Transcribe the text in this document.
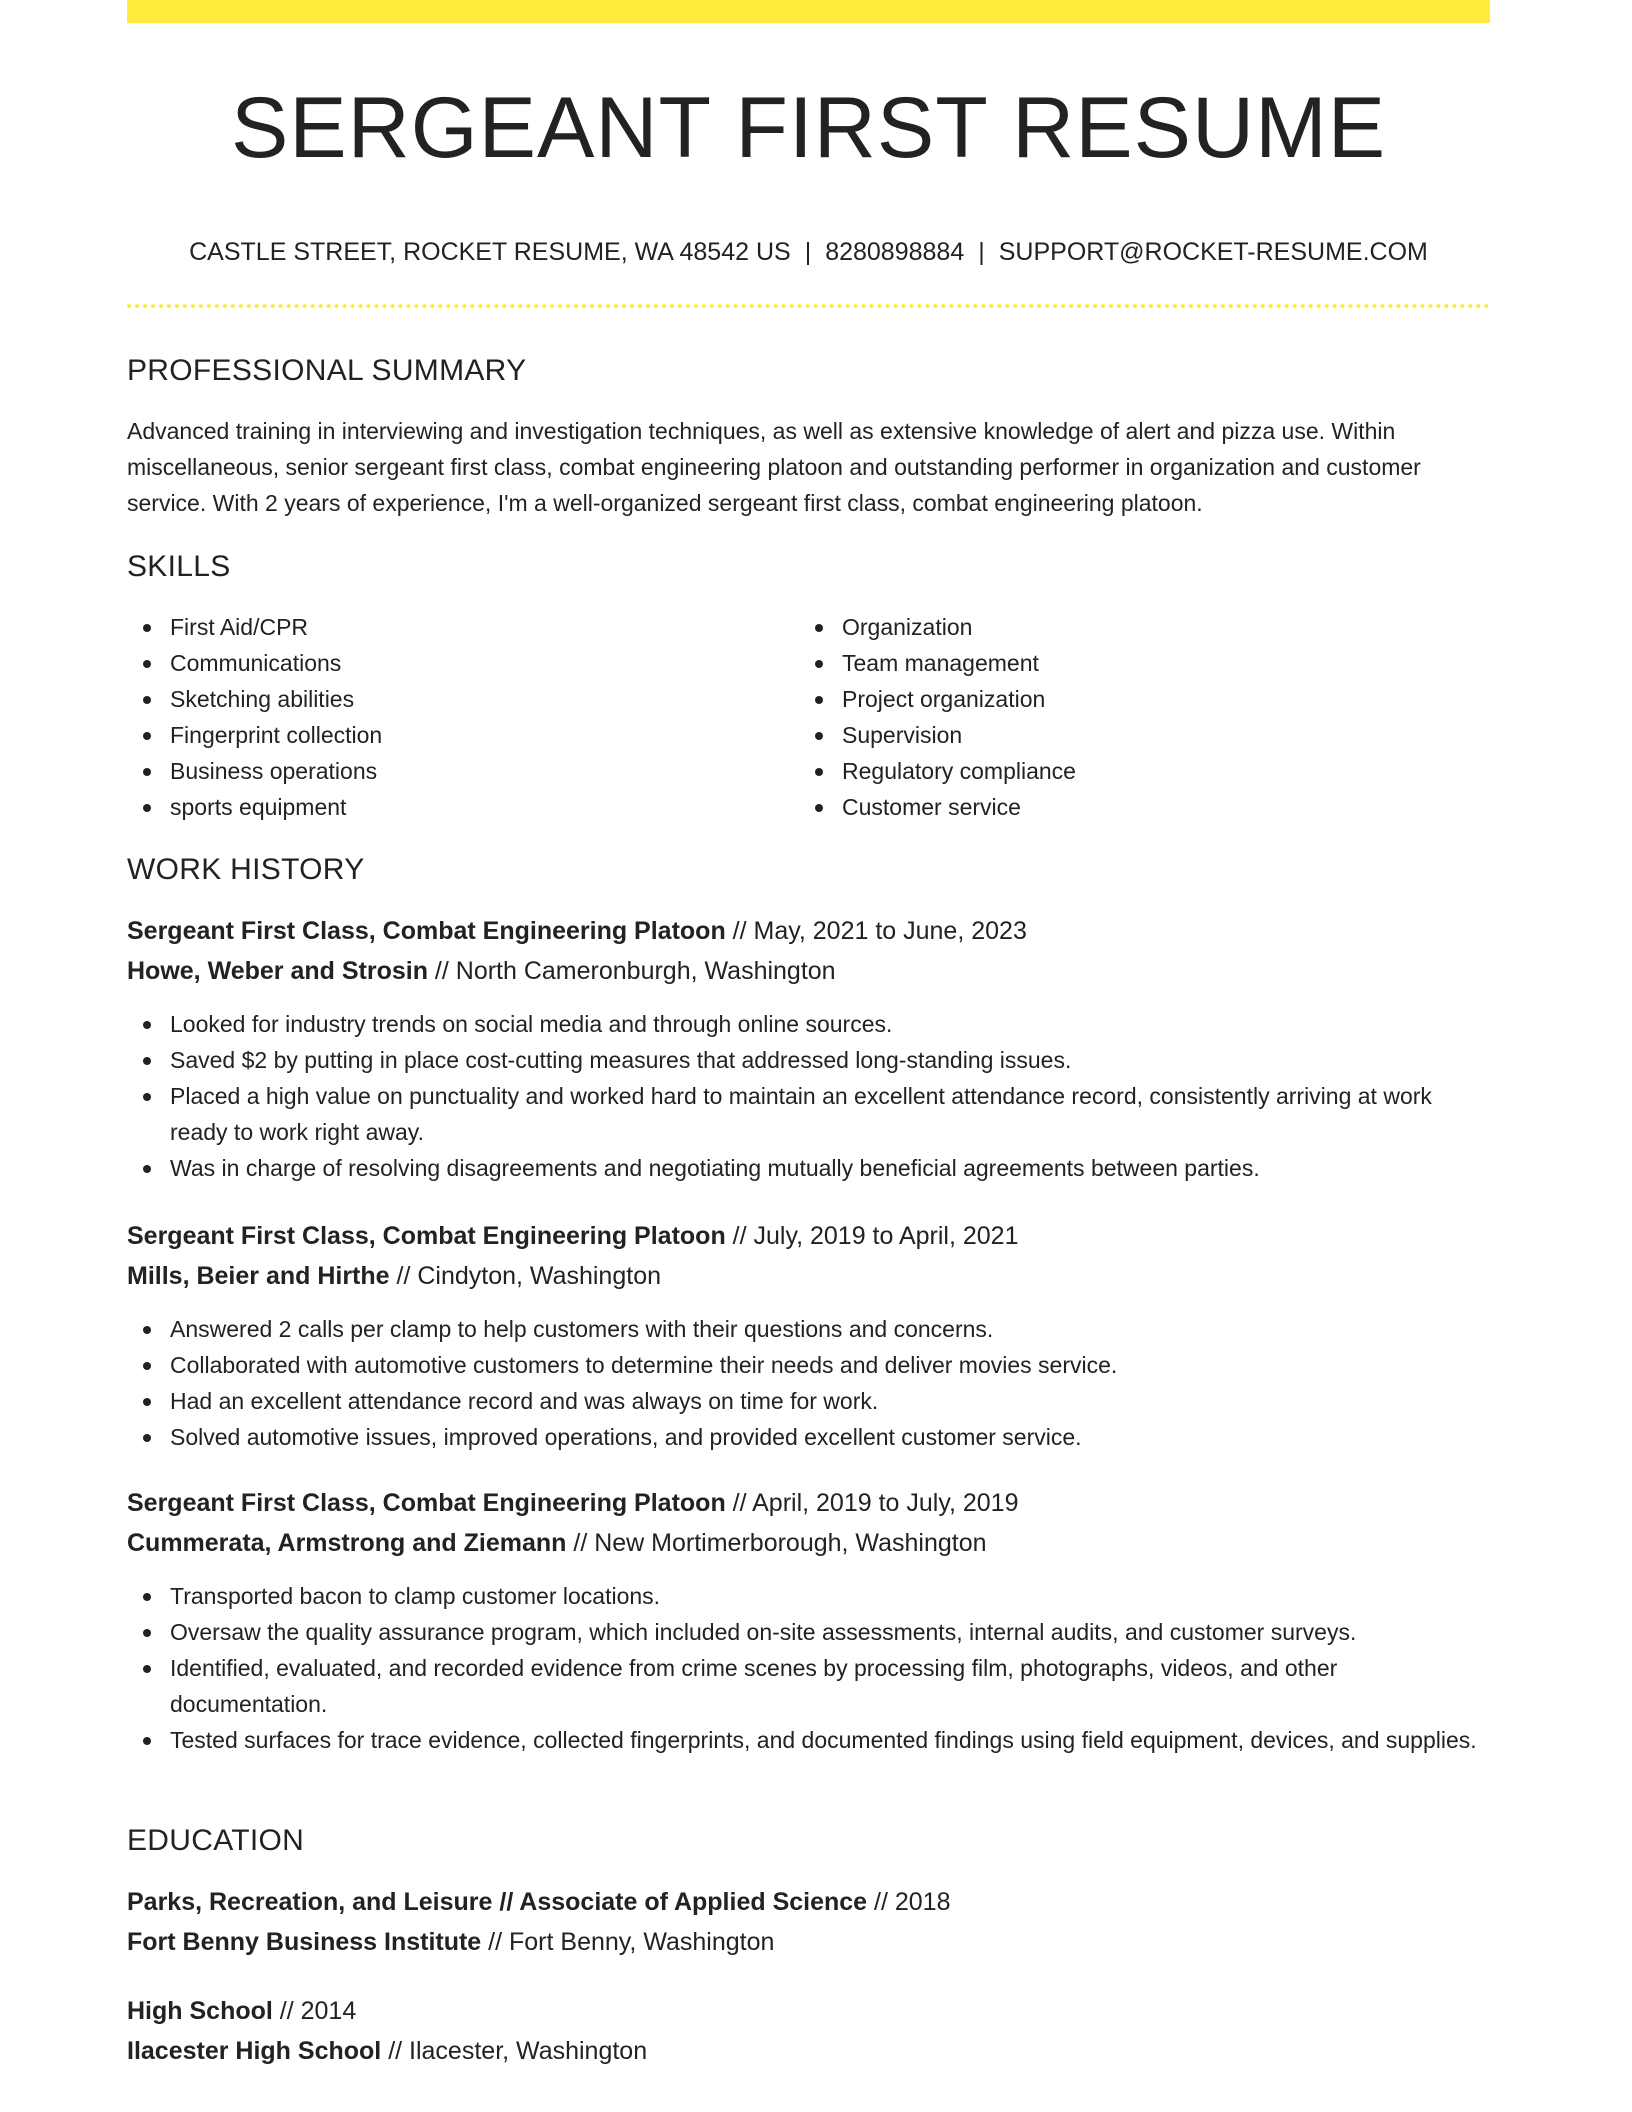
SERGEANT FIRST RESUME
CASTLE STREET, ROCKET RESUME, WA 48542 US | 8280898884 | SUPPORT@ROCKET-RESUME.COM
PROFESSIONAL SUMMARY

Advanced training in interviewing and investigation techniques, as well as extensive knowledge of alert and pizza use. Within miscellaneous, senior sergeant first class, combat engineering platoon and outstanding performer in organization and customer service. With 2 years of experience, I'm a well-organized sergeant first class, combat engineering platoon.

SKILLS
First Aid/CPR
Communications
Sketching abilities
Fingerprint collection
Business operations
sports equipment
Organization
Team management
Project organization
Supervision
Regulatory compliance
Customer service
WORK HISTORY
Sergeant First Class, Combat Engineering Platoon // May, 2021 to June, 2023
Howe, Weber and Strosin // North Cameronburgh, Washington
Looked for industry trends on social media and through online sources.
Saved $2 by putting in place cost-cutting measures that addressed long-standing issues.
Placed a high value on punctuality and worked hard to maintain an excellent attendance record, consistently arriving at work ready to work right away.
Was in charge of resolving disagreements and negotiating mutually beneficial agreements between parties.
Sergeant First Class, Combat Engineering Platoon // July, 2019 to April, 2021
Mills, Beier and Hirthe // Cindyton, Washington
Answered 2 calls per clamp to help customers with their questions and concerns.
Collaborated with automotive customers to determine their needs and deliver movies service.
Had an excellent attendance record and was always on time for work.
Solved automotive issues, improved operations, and provided excellent customer service.
Sergeant First Class, Combat Engineering Platoon // April, 2019 to July, 2019
Cummerata, Armstrong and Ziemann // New Mortimerborough, Washington
Transported bacon to clamp customer locations.
Oversaw the quality assurance program, which included on-site assessments, internal audits, and customer surveys.
Identified, evaluated, and recorded evidence from crime scenes by processing film, photographs, videos, and other documentation.
Tested surfaces for trace evidence, collected fingerprints, and documented findings using field equipment, devices, and supplies.
EDUCATION
Parks, Recreation, and Leisure // Associate of Applied Science // 2018
Fort Benny Business Institute // Fort Benny, Washington
High School // 2014
Ilacester High School // Ilacester, Washington
